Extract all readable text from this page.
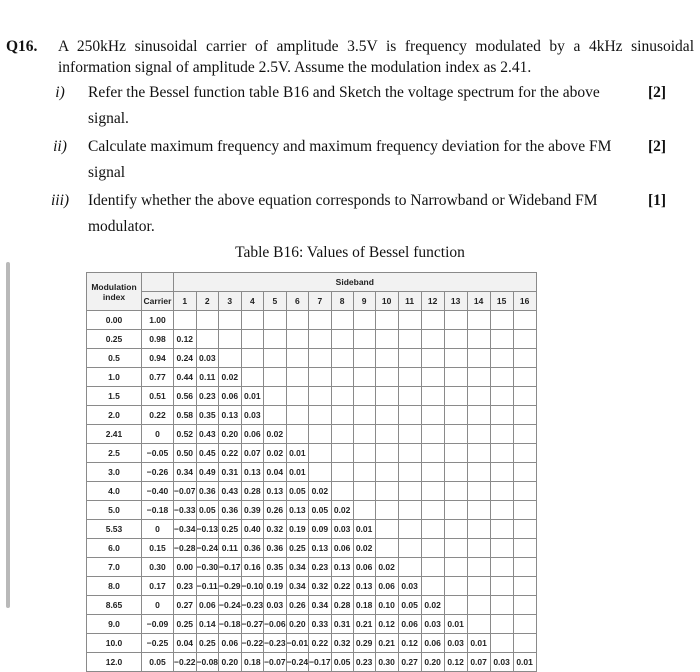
Q16. A 250kHz sinusoidal carrier of amplitude 3.5V is frequency modulated by a 4kHz sinusoidal information signal of amplitude 2.5V. Assume the modulation index as 2.41.
i)	Refer the Bessel function table B16 and Sketch the voltage spectrum for the above signal.
[2]
ii)	Calculate maximum frequency and maximum frequency deviation for the above FM signal
[2]
iii)	Identify whether the above equation corresponds to Narrowband or Wideband FM modulator.
[1]
Table B16: Values of Bessel function
Modulation
index		Sideband															
	Carrier	1	2	3	4	5	6	7	8	9	10	11	12	13	14	15	16
0.00	1.00																
0.25	0.98	0.12															
0.5	0.94	0.24	0.03														
1.0	0.77	0.44	0.11	0.02													
1.5	0.51	0.56	0.23	0.06	0.01												
2.0	0.22	0.58	0.35	0.13	0.03												
2.41	0	0.52	0.43	0.20	0.06	0.02											
2.5	−0.05	0.50	0.45	0.22	0.07	0.02	0.01										
3.0	−0.26	0.34	0.49	0.31	0.13	0.04	0.01										
4.0	−0.40	−0.07	0.36	0.43	0.28	0.13	0.05	0.02									
5.0	−0.18	−0.33	0.05	0.36	0.39	0.26	0.13	0.05	0.02								
5.53	0	−0.34	−0.13	0.25	0.40	0.32	0.19	0.09	0.03	0.01							
6.0	0.15	−0.28	−0.24	0.11	0.36	0.36	0.25	0.13	0.06	0.02							
7.0	0.30	0.00	−0.30	−0.17	0.16	0.35	0.34	0.23	0.13	0.06	0.02						
8.0	0.17	0.23	−0.11	−0.29	−0.10	0.19	0.34	0.32	0.22	0.13	0.06	0.03					
8.65	0	0.27	0.06	−0.24	−0.23	0.03	0.26	0.34	0.28	0.18	0.10	0.05	0.02				
9.0	−0.09	0.25	0.14	−0.18	−0.27	−0.06	0.20	0.33	0.31	0.21	0.12	0.06	0.03	0.01			
10.0	−0.25	0.04	0.25	0.06	−0.22	−0.23	−0.01	0.22	0.32	0.29	0.21	0.12	0.06	0.03	0.01		
12.0	0.05	−0.22	−0.08	0.20	0.18	−0.07	−0.24	−0.17	0.05	0.23	0.30	0.27	0.20	0.12	0.07	0.03	0.01
